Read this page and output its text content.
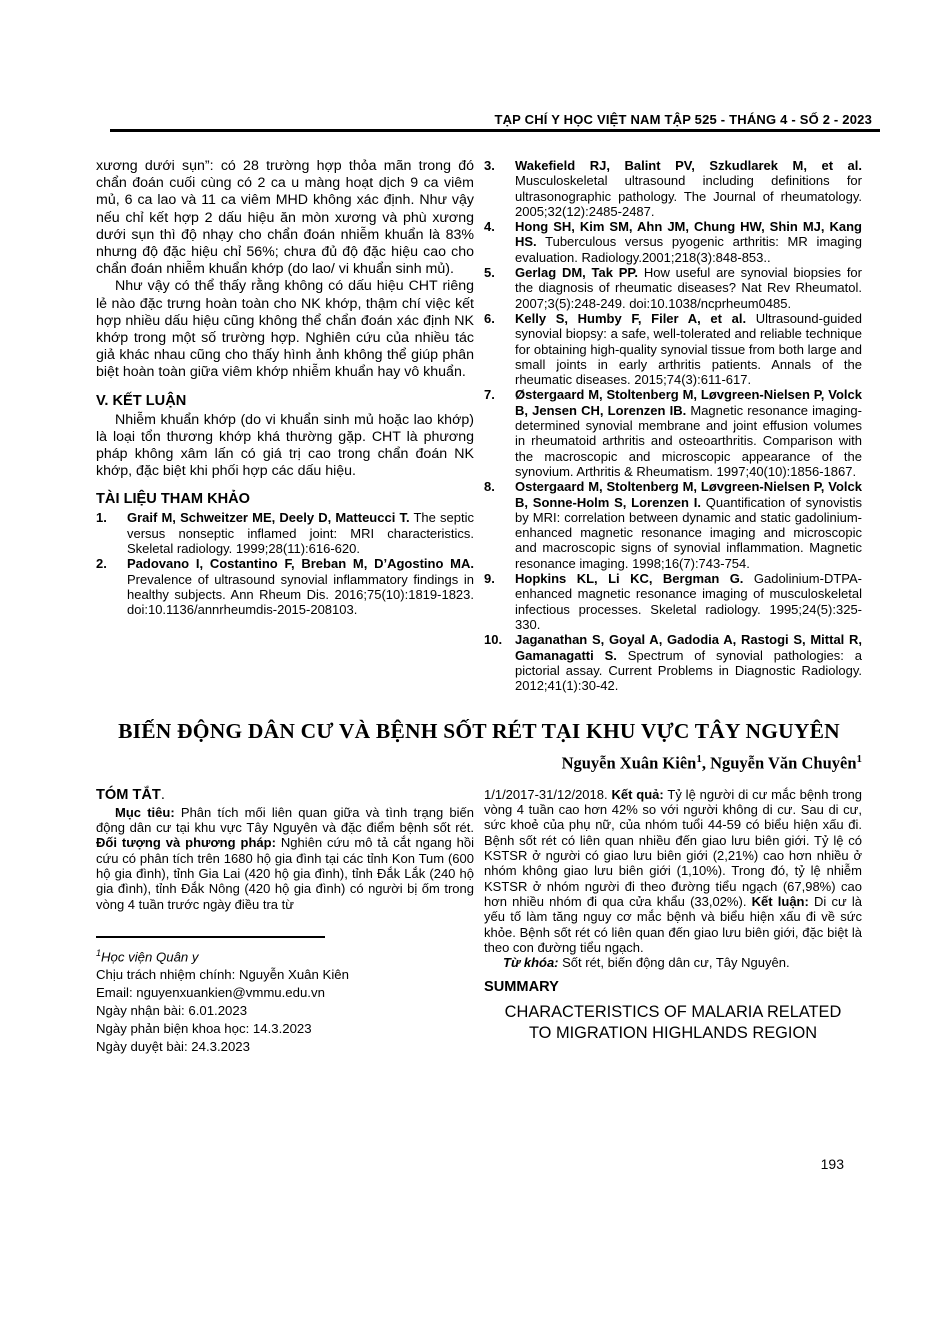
TẠP CHÍ Y HỌC VIỆT NAM TẬP 525 - THÁNG 4 - SỐ 2 - 2023

xương dưới sụn”: có 28 trường hợp thỏa mãn trong đó chẩn đoán cuối cùng có 2 ca u màng hoạt dịch 9 ca viêm mủ, 6 ca lao và 11 ca viêm MHD không xác định. Như vậy nếu chỉ kết hợp 2 dấu hiệu ăn mòn xương và phù xương dưới sụn thì độ nhạy cho chẩn đoán nhiễm khuẩn là 83% nhưng độ đặc hiệu chỉ 56%; chưa đủ độ đặc hiệu cao cho chẩn đoán nhiễm khuẩn khớp (do lao/ vi khuẩn sinh mủ).

Như vậy có thể thấy rằng không có dấu hiệu CHT riêng lẻ nào đặc trưng hoàn toàn cho NK khớp, thậm chí việc kết hợp nhiều dấu hiệu cũng không thể chẩn đoán xác định NK khớp trong một số trường hợp. Nghiên cứu của nhiều tác giả khác nhau cũng cho thấy hình ảnh không thể giúp phân biệt hoàn toàn giữa viêm khớp nhiễm khuẩn hay vô khuẩn.

V. KẾT LUẬN

Nhiễm khuẩn khớp (do vi khuẩn sinh mủ hoặc lao khớp) là loại tổn thương khớp khá thường gặp. CHT là phương pháp không xâm lấn có giá trị cao trong chẩn đoán NK khớp, đặc biệt khi phối hợp các dấu hiệu.

TÀI LIỆU THAM KHẢO
1.	Graif M, Schweitzer ME, Deely D, Matteucci T. The septic versus nonseptic inflamed joint: MRI characteristics. Skeletal radiology. 1999;28(11):616-620.
2.	Padovano I, Costantino F, Breban M, D’Agostino MA. Prevalence of ultrasound synovial inflammatory findings in healthy subjects. Ann Rheum Dis. 2016;75(10):1819-1823. doi:10.1136/annrheumdis-2015-208103.
3.	Wakefield RJ, Balint PV, Szkudlarek M, et al. Musculoskeletal ultrasound including definitions for ultrasonographic pathology. The Journal of rheumatology. 2005;32(12):2485-2487.
4.	Hong SH, Kim SM, Ahn JM, Chung HW, Shin MJ, Kang HS. Tuberculous versus pyogenic arthritis: MR imaging evaluation. Radiology.2001;218(3):848-853..
5.	Gerlag DM, Tak PP. How useful are synovial biopsies for the diagnosis of rheumatic diseases? Nat Rev Rheumatol. 2007;3(5):248-249. doi:10.1038/ncprheum0485.
6.	Kelly S, Humby F, Filer A, et al. Ultrasound-guided synovial biopsy: a safe, well-tolerated and reliable technique for obtaining high-quality synovial tissue from both large and small joints in early arthritis patients. Annals of the rheumatic diseases. 2015;74(3):611-617.
7.	Østergaard M, Stoltenberg M, Løvgreen-Nielsen P, Volck B, Jensen CH, Lorenzen IB. Magnetic resonance imaging-determined synovial membrane and joint effusion volumes in rheumatoid arthritis and osteoarthritis. Comparison with the macroscopic and microscopic appearance of the synovium. Arthritis & Rheumatism. 1997;40(10):1856-1867.
8.	Ostergaard M, Stoltenberg M, Løvgreen-Nielsen P, Volck B, Sonne-Holm S, Lorenzen I. Quantification of synovistis by MRI: correlation between dynamic and static gadolinium-enhanced magnetic resonance imaging and microscopic and macroscopic signs of synovial inflammation. Magnetic resonance imaging. 1998;16(7):743-754.
9.	Hopkins KL, Li KC, Bergman G. Gadolinium-DTPA-enhanced magnetic resonance imaging of musculoskeletal infectious processes. Skeletal radiology. 1995;24(5):325-330.
10. Jaganathan S, Goyal A, Gadodia A, Rastogi S, Mittal R, Gamanagatti S. Spectrum of synovial pathologies: a pictorial assay. Current Problems in Diagnostic Radiology. 2012;41(1):30-42.
BIẾN ĐỘNG DÂN CƯ VÀ BỆNH SỐT RÉT TẠI KHU VỰC TÂY NGUYÊN
Nguyễn Xuân Kiên$^1$, Nguyễn Văn Chuyên$^1$
TÓM TẮT.

Mục tiêu: Phân tích mối liên quan giữa và tình trạng biến động dân cư tại khu vực Tây Nguyên và đặc điểm bệnh sốt rét. Đối tượng và phương pháp: Nghiên cứu mô tả cắt ngang hồi cứu có phân tích trên 1680 hộ gia đình tại các tỉnh Kon Tum (600 hộ gia đình), tỉnh Gia Lai (420 hộ gia đình), tỉnh Đắk Lắk (240 hộ gia đình), tỉnh Đắk Nông (420 hộ gia đình) có người bị ốm trong vòng 4 tuần trước ngày điều tra từ

$^1$Học viện Quân y
Chịu trách nhiệm chính: Nguyễn Xuân Kiên
Email: nguyenxuankien@vmmu.edu.vn
Ngày nhận bài: 6.01.2023
Ngày phản biện khoa học: 14.3.2023
Ngày duyệt bài: 24.3.2023

1/1/2017-31/12/2018. Kết quả: Tỷ lệ người di cư mắc bệnh trong vòng 4 tuần cao hơn 42% so với người không di cư. Sau di cư, sức khoẻ của phụ nữ, của nhóm tuổi 44-59 có biểu hiện xấu đi. Bệnh sốt rét có liên quan nhiều đến giao lưu biên giới. Tỷ lệ có KSTSR ở người có giao lưu biên giới (2,21%) cao hơn nhiều ở nhóm không giao lưu biên giới (1,10%). Trong đó, tỷ lệ nhiễm KSTSR ở nhóm người đi theo đường tiểu ngạch (67,98%) cao hơn nhiều nhóm đi qua cửa khẩu (33,02%). Kết luận: Di cư là yếu tố làm tăng nguy cơ mắc bệnh và biểu hiện xấu đi về sức khỏe. Bệnh sốt rét có liên quan đến giao lưu biên giới, đặc biệt là theo con đường tiểu ngạch.

Từ khóa: Sốt rét, biến động dân cư, Tây Nguyên.

SUMMARY
CHARACTERISTICS OF MALARIA RELATED
TO MIGRATION HIGHLANDS REGION
193
